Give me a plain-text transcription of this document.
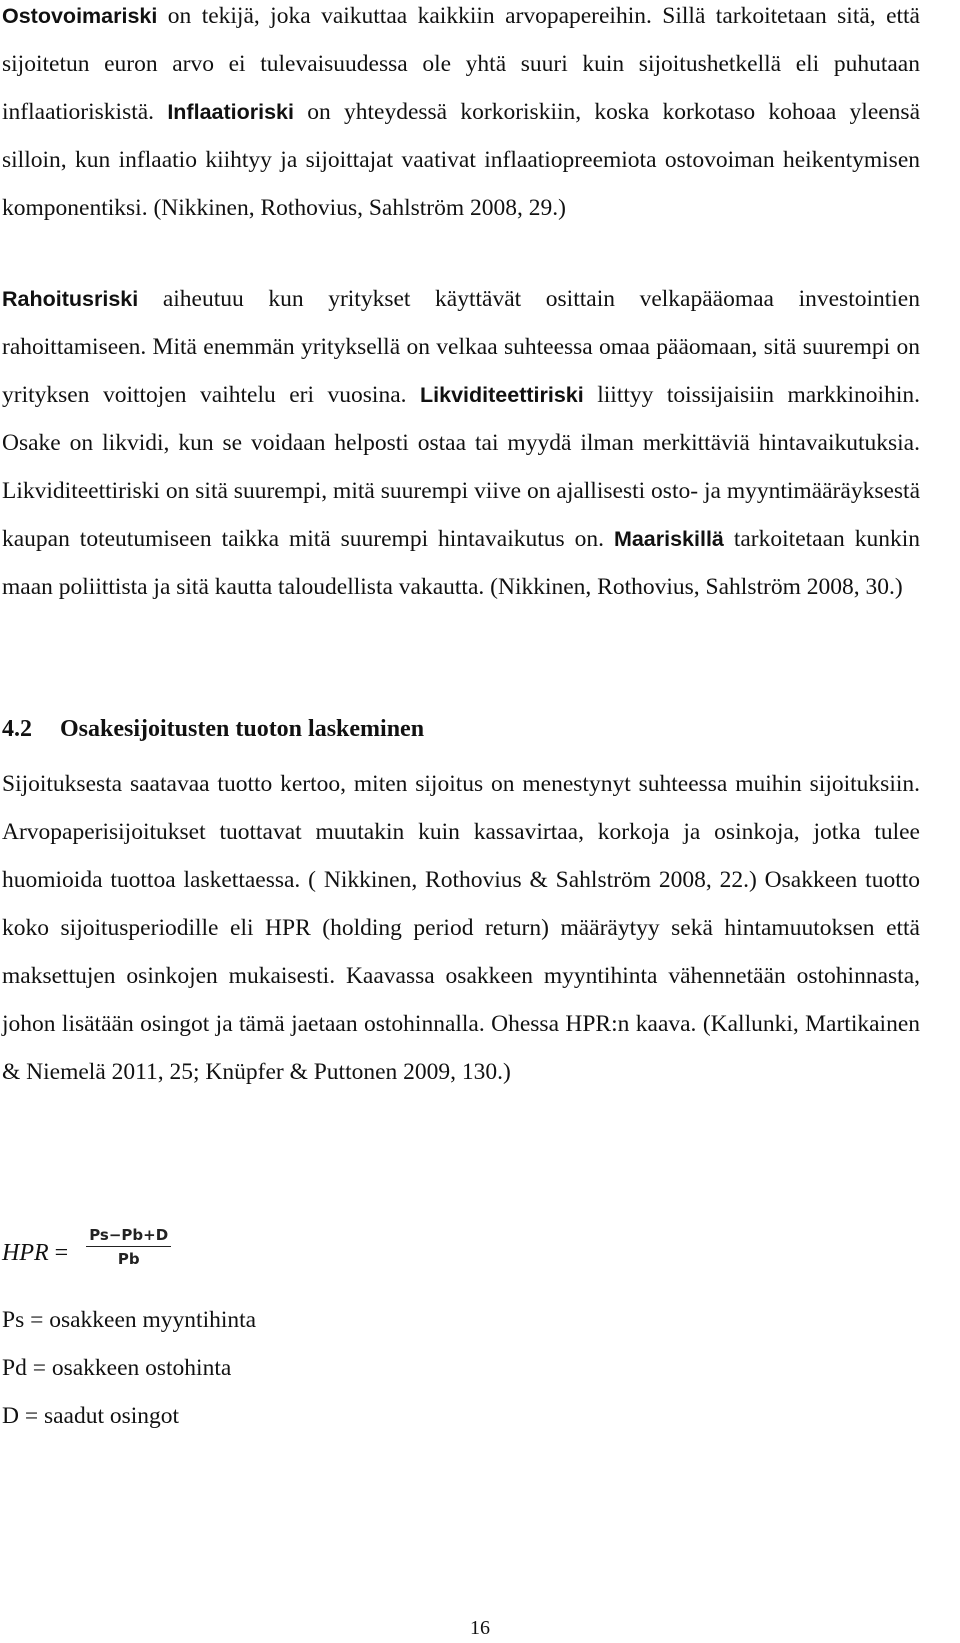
Ostovoimariski on tekijä, joka vaikuttaa kaikkiin arvopapereihin. Sillä tarkoitetaan sitä, että sijoitetun euron arvo ei tulevaisuudessa ole yhtä suuri kuin sijoitushetkellä eli puhutaan inflaatioriskistä. Inflaatioriski on yhteydessä korkoriskiin, koska korkotaso kohoaa yleensä silloin, kun inflaatio kiihtyy ja sijoittajat vaativat inflaatiopreemiota ostovoiman heikentymisen komponentiksi. (Nikkinen, Rothovius, Sahlström 2008, 29.)

Rahoitusriski aiheutuu kun yritykset käyttävät osittain velkapääomaa investointien rahoittamiseen. Mitä enemmän yrityksellä on velkaa suhteessa omaa pääomaan, sitä suurempi on yrityksen voittojen vaihtelu eri vuosina. Likviditeettiriski liittyy toissijaisiin markkinoihin. Osake on likvidi, kun se voidaan helposti ostaa tai myydä ilman merkittäviä hintavaikutuksia. Likviditeettiriski on sitä suurempi, mitä suurempi viive on ajallisesti osto- ja myyntimääräyksestä kaupan toteutumiseen taikka mitä suurempi hintavaikutus on. Maariskillä tarkoitetaan kunkin maan poliittista ja sitä kautta taloudellista vakautta. (Nikkinen, Rothovius, Sahlström 2008, 30.)

4.2 Osakesijoitusten tuoton laskeminen

Sijoituksesta saatavaa tuotto kertoo, miten sijoitus on menestynyt suhteessa muihin sijoituksiin. Arvopaperisijoitukset tuottavat muutakin kuin kassavirtaa, korkoja ja osinkoja, jotka tulee huomioida tuottoa laskettaessa. ( Nikkinen, Rothovius & Sahlström 2008, 22.) Osakkeen tuotto koko sijoitusperiodille eli HPR (holding period return) määräytyy sekä hintamuutoksen että maksettujen osinkojen mukaisesti. Kaavassa osakkeen myyntihinta vähennetään ostohinnasta, johon lisätään osingot ja tämä jaetaan ostohinnalla. Ohessa HPR:n kaava. (Kallunki, Martikainen & Niemelä 2011, 25; Knüpfer & Puttonen 2009, 130.)

HPR = $\frac{Ps-Pb+D}{Pb}$
Ps = osakkeen myyntihinta
Pd = osakkeen ostohinta
D = saadut osingot
16
